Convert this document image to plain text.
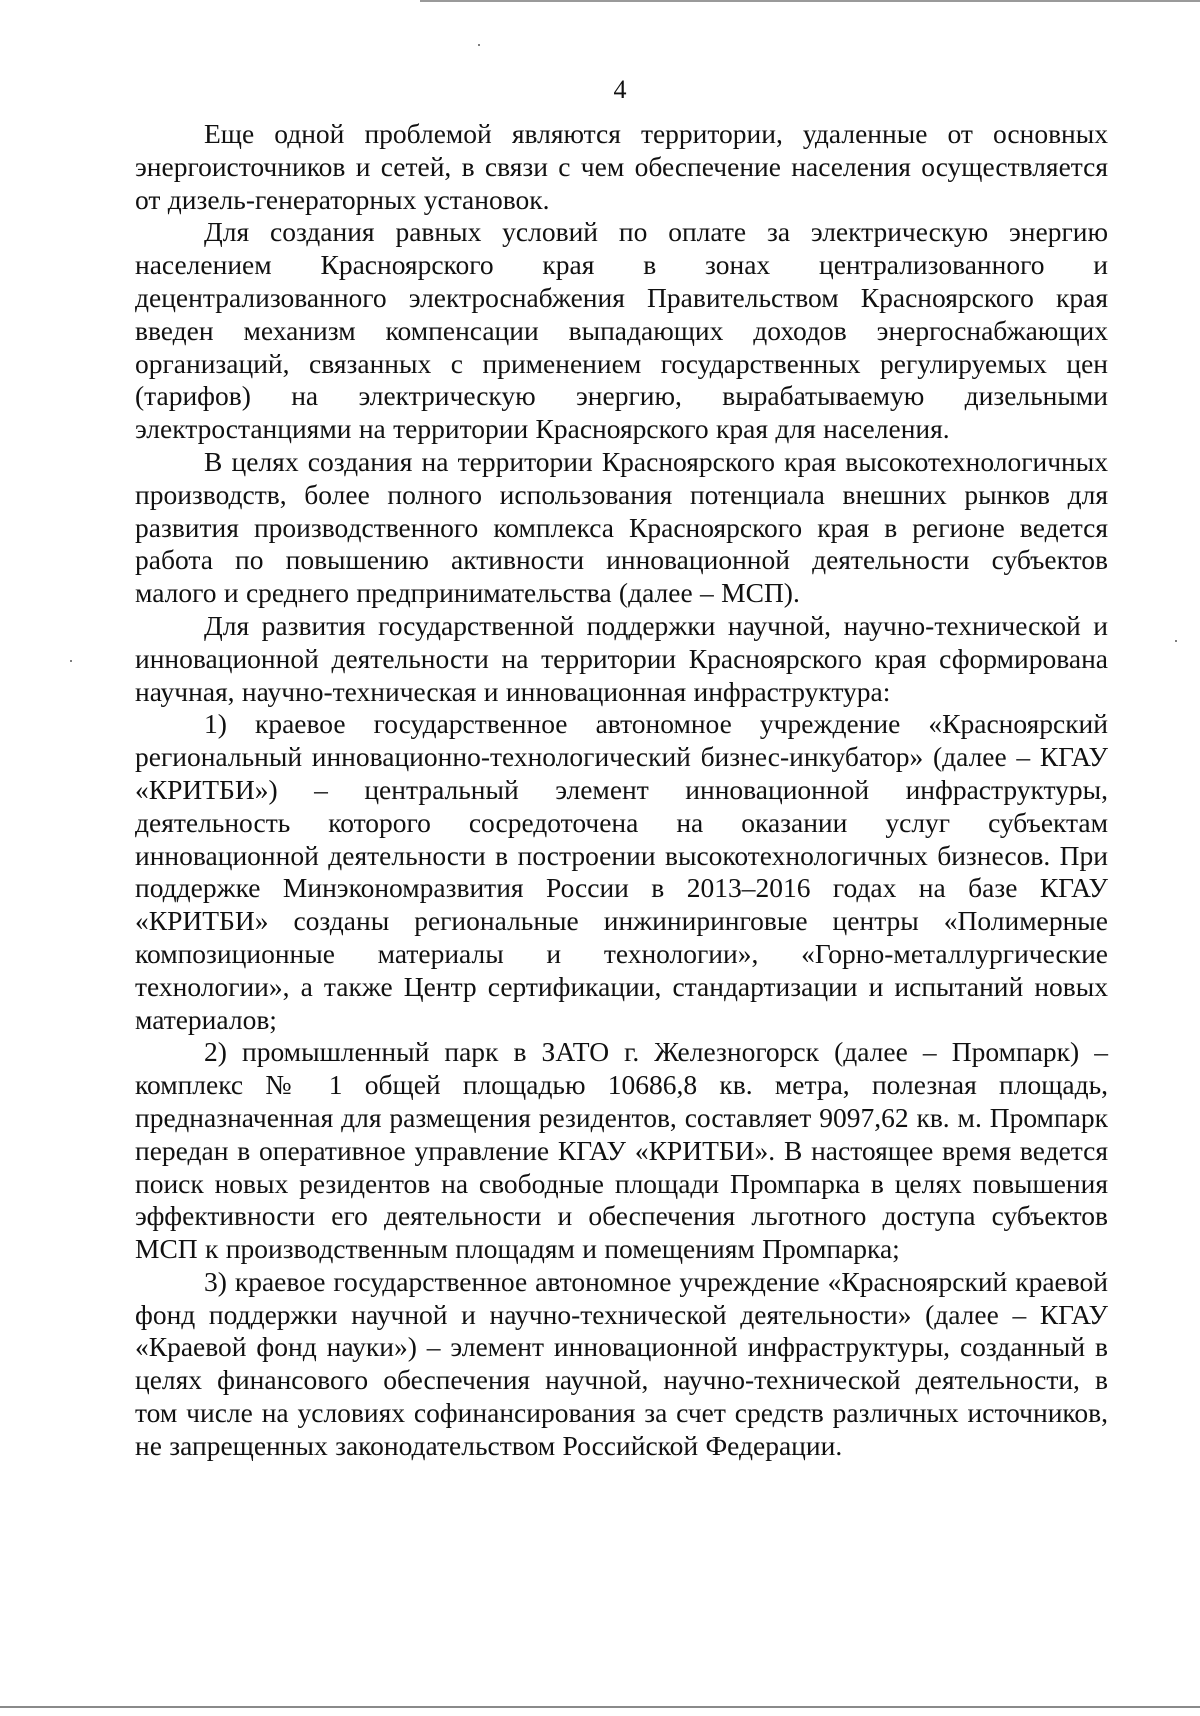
4

Еще одной проблемой являются территории, удаленные от основных энергоисточников и сетей, в связи с чем обеспечение населения осуществляется от дизель-генераторных установок.

Для создания равных условий по оплате за электрическую энергию населением Красноярского края в зонах централизованного и децентрализованного электроснабжения Правительством Красноярского края введен механизм компенсации выпадающих доходов энергоснабжающих организаций, связанных с применением государственных регулируемых цен (тарифов) на электрическую энергию, вырабатываемую дизельными электростанциями на территории Красноярского края для населения.

В целях создания на территории Красноярского края высокотехнологичных производств, более полного использования потенциала внешних рынков для развития производственного комплекса Красноярского края в регионе ведется работа по повышению активности инновационной деятельности субъектов малого и среднего предпринимательства (далее – МСП).

Для развития государственной поддержки научной, научно-технической и инновационной деятельности на территории Красноярского края сформирована научная, научно-техническая и инновационная инфраструктура:

1) краевое государственное автономное учреждение «Красноярский региональный инновационно-технологический бизнес-инкубатор» (далее – КГАУ «КРИТБИ») – центральный элемент инновационной инфраструктуры, деятельность которого сосредоточена на оказании услуг субъектам инновационной деятельности в построении высокотехнологичных бизнесов. При поддержке Минэкономразвития России в 2013–2016 годах на базе КГАУ «КРИТБИ» созданы региональные инжиниринговые центры «Полимерные композиционные материалы и технологии», «Горно-металлургические технологии», а также Центр сертификации, стандартизации и испытаний новых материалов;

2) промышленный парк в ЗАТО г. Железногорск (далее – Промпарк) – комплекс № 1 общей площадью 10686,8 кв. метра, полезная площадь, предназначенная для размещения резидентов, составляет 9097,62 кв. м. Промпарк передан в оперативное управление КГАУ «КРИТБИ». В настоящее время ведется поиск новых резидентов на свободные площади Промпарка в целях повышения эффективности его деятельности и обеспечения льготного доступа субъектов МСП к производственным площадям и помещениям Промпарка;

3) краевое государственное автономное учреждение «Красноярский краевой фонд поддержки научной и научно-технической деятельности» (далее – КГАУ «Краевой фонд науки») – элемент инновационной инфраструктуры, созданный в целях финансового обеспечения научной, научно-технической деятельности, в том числе на условиях софинансирования за счет средств различных источников, не запрещенных законодательством Российской Федерации.
